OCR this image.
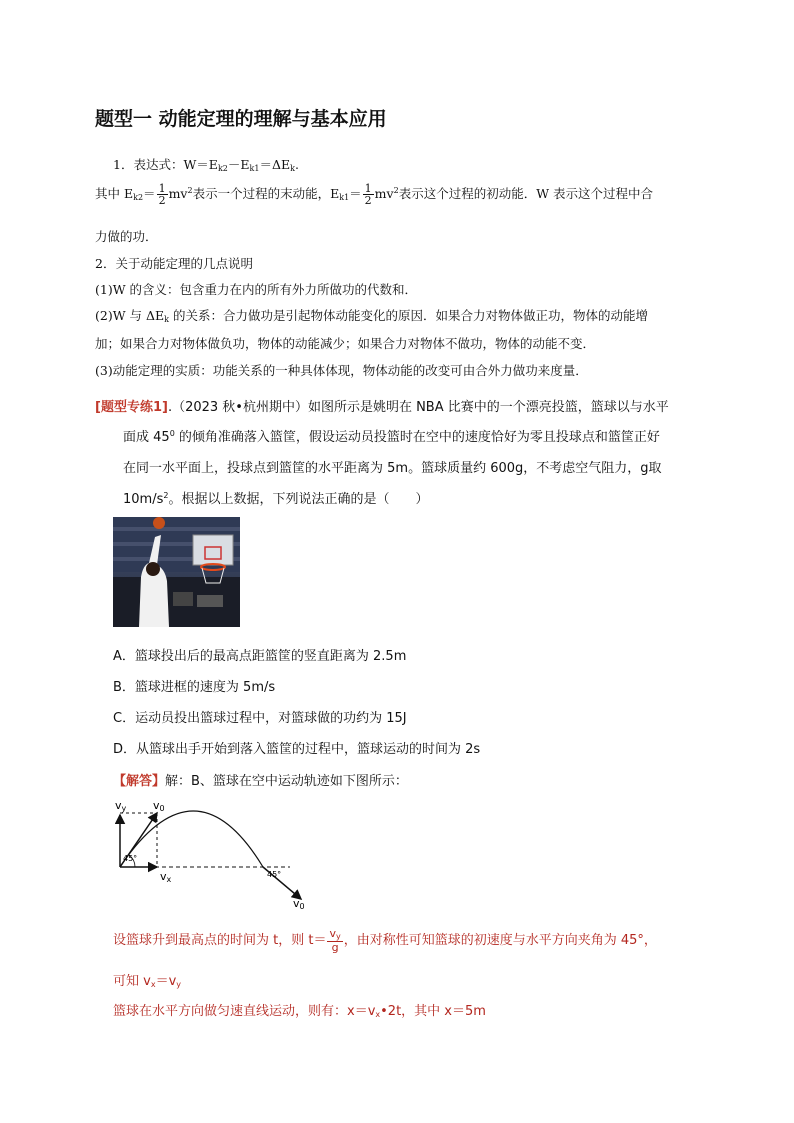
题型一 动能定理的理解与基本应用
1．表达式：$W=E_{k2}-E_{k1}=\Delta E_k$.
其中 $E_{k2}= \frac{1}{2} mv^2$表示一个过程的末动能，$E_{k1}= \frac{1}{2} mv^2$表示这个过程的初动能．W 表示这个过程中合
力做的功．
2．关于动能定理的几点说明
(1)W 的含义：包含重力在内的所有外力所做功的代数和．
(2)W 与 $\Delta E_k$ 的关系：合力做功是引起物体动能变化的原因．如果合力对物体做正功，物体的动能增
加；如果合力对物体做负功，物体的动能减少；如果合力对物体不做功，物体的动能不变．
(3)动能定理的实质：功能关系的一种具体体现，物体动能的改变可由合外力做功来度量．
[题型专练1].（2023 秋•杭州期中）如图所示是姚明在 NBA 比赛中的一个漂亮投篮，篮球以与水平
面成 $45^0$ 的倾角准确落入篮筐，假设运动员投篮时在空中的速度恰好为零且投球点和篮筐正好
在同一水平面上，投球点到篮筐的水平距离为 5m。篮球质量约 600g，不考虑空气阻力，g取
$10m/s^2$。根据以上数据，下列说法正确的是（　　）
A．篮球投出后的最高点距篮筐的竖直距离为 2.5m
B．篮球进框的速度为 5m/s
C．运动员投出篮球过程中，对篮球做的功约为 15J
D．从篮球出手开始到落入篮筐的过程中，篮球运动的时间为 2s
【解答】解：B、篮球在空中运动轨迹如下图所示：
vy v0
vx
45°
45°
v0
设篮球升到最高点的时间为 t，则 $t= \frac{v_y}{g}$ ，由对称性可知篮球的初速度与水平方向夹角为 45°，
可知 $v_x=v_y$
篮球在水平方向做匀速直线运动，则有：$x=v_x•2t$，其中 x＝5m
